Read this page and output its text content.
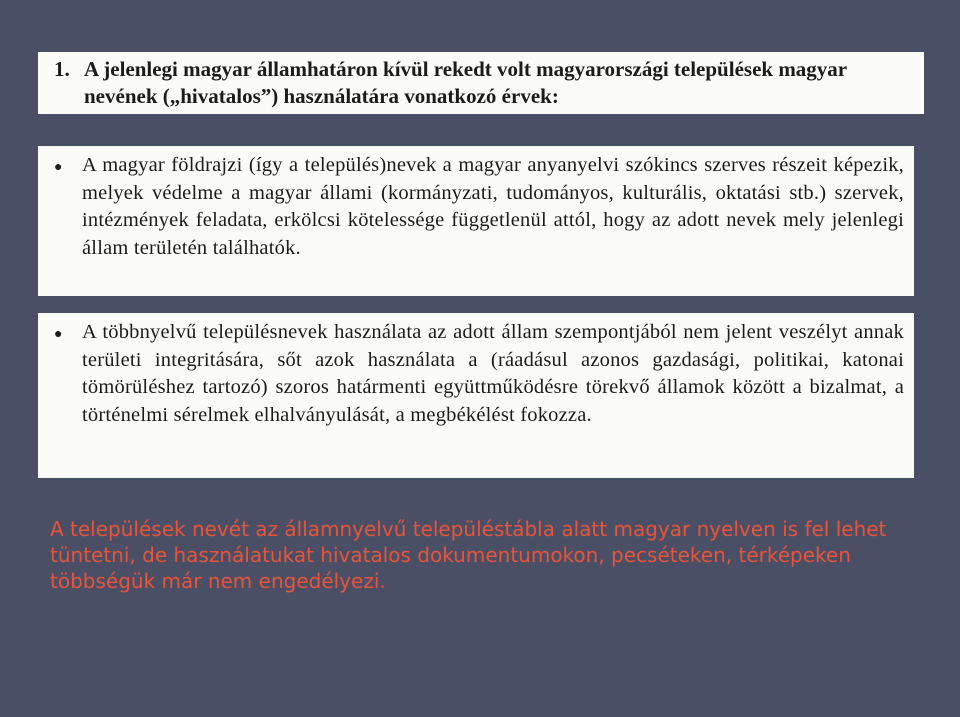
1. A jelenlegi magyar államhatáron kívül rekedt volt magyarországi települések magyar nevének („hivatalos”) használatára vonatkozó érvek:
● A magyar földrajzi (így a település)nevek a magyar anyanyelvi szókincs szerves részeit képezik, melyek védelme a magyar állami (kormányzati, tudományos, kulturális, oktatási stb.) szervek, intézmények feladata, erkölcsi kötelessége függetlenül attól, hogy az adott nevek mely jelenlegi állam területén találhatók.
● A többnyelvű településnevek használata az adott állam szempontjából nem jelent veszélyt annak területi integritására, sőt azok használata a (ráadásul azonos gazdasági, politikai, katonai tömörüléshez tartozó) szoros határmenti együttműködésre törekvő államok között a bizalmat, a történelmi sérelmek elhalványulását, a megbékélést fokozza.

A települések nevét az államnyelvű településtábla alatt magyar nyelven is fel lehet tüntetni, de használatukat hivatalos dokumentumokon, pecséteken, térképeken többségük már nem engedélyezi.
